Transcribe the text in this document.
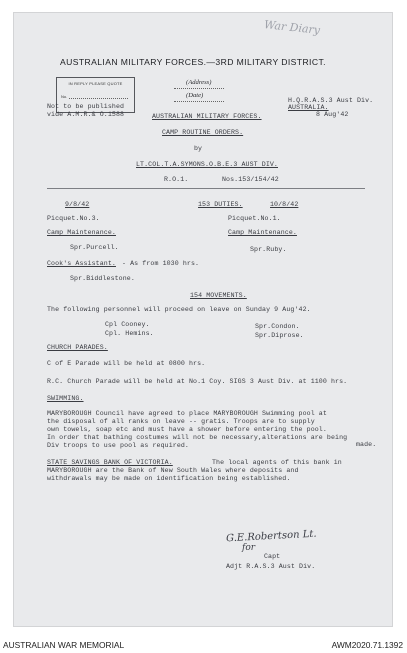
War Diary
AUSTRALIAN MILITARY FORCES.—3RD MILITARY DISTRICT.
IN REPLY PLEASE QUOTE
No.
(Address)
(Date)
Not to be published
vide A.M.R.& O.1588
H.Q.R.A.S.3 Aust Div.
AUSTRALIA.
8 Aug'42
AUSTRALIAN MILITARY FORCES.
CAMP ROUTINE ORDERS.
by
LT.COL.T.A.SYMONS.O.B.E.3 AUST DIV.
R.O.1.	Nos.153/154/42
9/8/42	153 DUTIES.	10/8/42
Picquet.No.3.	Picquet.No.1.
Camp Maintenance.	Camp Maintenance.
Spr.Purcell.	Spr.Ruby.
Cook's Assistant. - As from 1030 hrs.
Spr.Biddlestone.
154 MOVEMENTS.
The following personnel will proceed on leave on Sunday 9 Aug'42.
Cpl Cooney.
Cpl. Hemins.
Spr.Condon.
Spr.Diprose.
CHURCH PARADES.
C of E Parade will be held at 0800 hrs.
R.C. Church Parade will be held at No.1 Coy. SIGS 3 Aust Div. at 1100 hrs.
SWIMMING.
MARYBOROUGH Council have agreed to place MARYBOROUGH Swimming pool at
the disposal of all ranks on leave -- gratis. Troops are to supply
own towels, soap etc and must have a shower before entering the pool.
In order that bathing costumes will not be necessary,alterations are being
Div troops to use pool as required.	made.
STATE SAVINGS BANK OF VICTORIA.	The local agents of this bank in
MARYBOROUGH are the Bank of New South Wales where deposits and
withdrawals may be made on identification being established.
G.E.Robertson Lt.
for
Capt
Adjt R.A.S.3 Aust Div.
AUSTRALIAN WAR MEMORIAL	AWM2020.71.1392
